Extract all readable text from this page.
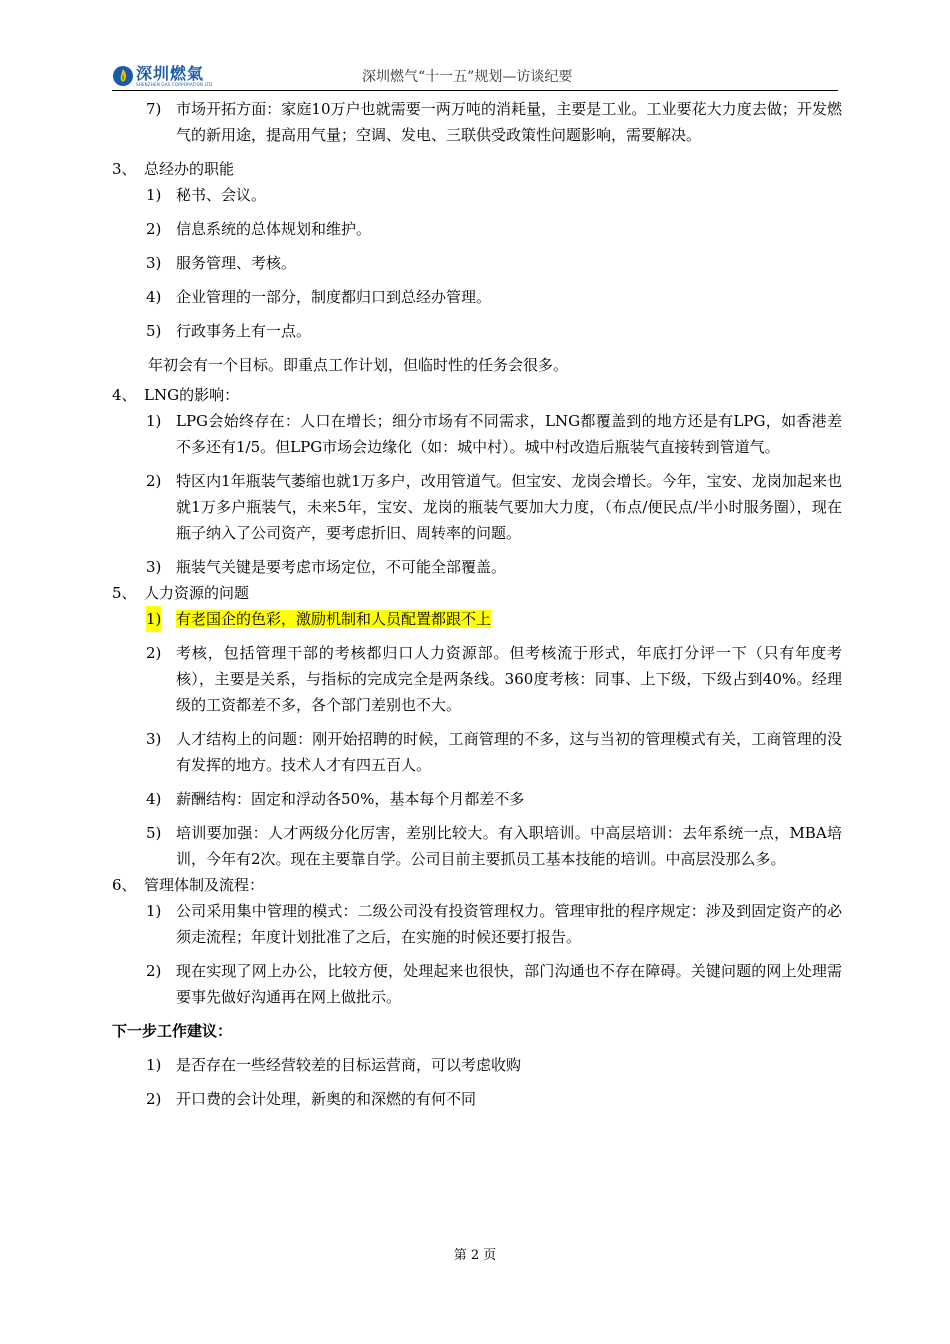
深圳燃氣
SHENZHEN GAS CORPORATION LTD	深圳燃气“十一五”规划—访谈纪要
7) 市场开拓方面：家庭10万户也就需要一两万吨的消耗量，主要是工业。工业要花大力度去做；开发燃气的新用途，提高用气量；空调、发电、三联供受政策性问题影响，需要解决。
3、 总经办的职能
1) 秘书、会议。
2) 信息系统的总体规划和维护。
3) 服务管理、考核。
4) 企业管理的一部分，制度都归口到总经办管理。
5) 行政事务上有一点。
年初会有一个目标。即重点工作计划，但临时性的任务会很多。
4、 LNG的影响：
1) LPG会始终存在：人口在增长；细分市场有不同需求，LNG都覆盖到的地方还是有LPG，如香港差不多还有1/5。但LPG市场会边缘化（如：城中村）。城中村改造后瓶装气直接转到管道气。
2) 特区内1年瓶装气萎缩也就1万多户，改用管道气。但宝安、龙岗会增长。今年，宝安、龙岗加起来也就1万多户瓶装气，未来5年，宝安、龙岗的瓶装气要加大力度，（布点/便民点/半小时服务圈），现在瓶子纳入了公司资产，要考虑折旧、周转率的问题。
3) 瓶装气关键是要考虑市场定位，不可能全部覆盖。
5、 人力资源的问题
1) 有老国企的色彩，激励机制和人员配置都跟不上
2) 考核，包括管理干部的考核都归口人力资源部。但考核流于形式，年底打分评一下（只有年度考核），主要是关系，与指标的完成完全是两条线。360度考核：同事、上下级，下级占到40%。经理级的工资都差不多，各个部门差别也不大。
3) 人才结构上的问题：刚开始招聘的时候，工商管理的不多，这与当初的管理模式有关，工商管理的没有发挥的地方。技术人才有四五百人。
4) 薪酬结构：固定和浮动各50%，基本每个月都差不多
5) 培训要加强：人才两级分化厉害，差别比较大。有入职培训。中高层培训：去年系统一点，MBA培训，今年有2次。现在主要靠自学。公司目前主要抓员工基本技能的培训。中高层没那么多。
6、 管理体制及流程：
1) 公司采用集中管理的模式：二级公司没有投资管理权力。管理审批的程序规定：涉及到固定资产的必须走流程；年度计划批准了之后，在实施的时候还要打报告。
2) 现在实现了网上办公，比较方便，处理起来也很快，部门沟通也不存在障碍。关键问题的网上处理需要事先做好沟通再在网上做批示。
下一步工作建议：
1) 是否存在一些经营较差的目标运营商，可以考虑收购
2) 开口费的会计处理，新奥的和深燃的有何不同
第 2 页
